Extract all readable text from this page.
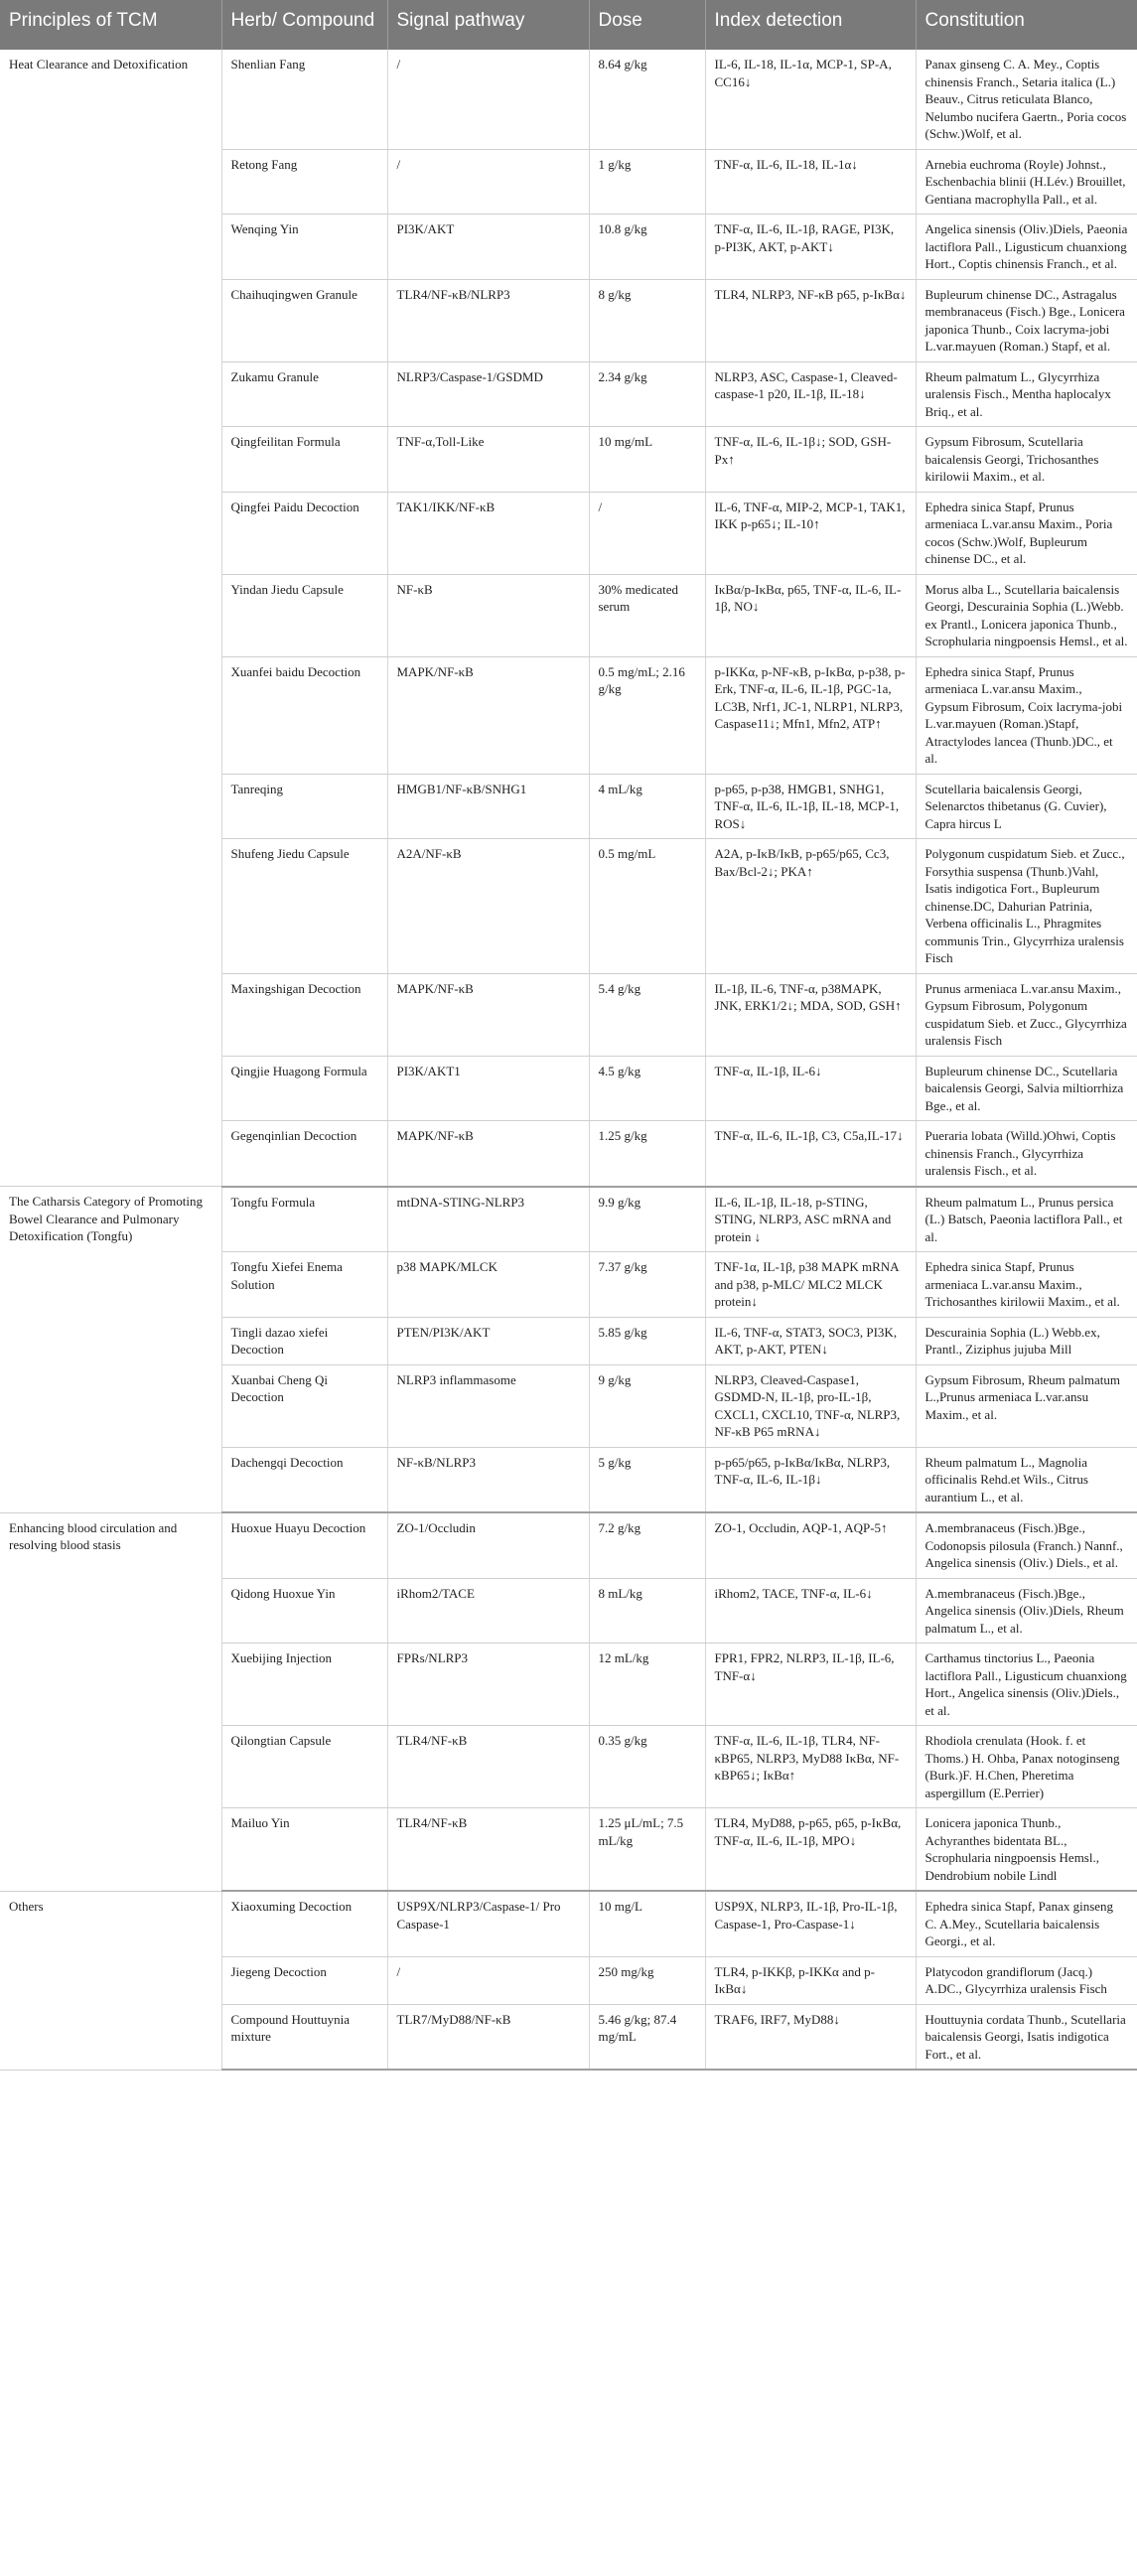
Principles of TCM	Herb/ Compound	Signal pathway	Dose	Index detection	Constitution
Heat Clearance and Detoxification	Shenlian Fang	/	8.64 g/kg	IL-6, IL-18, IL-1α, MCP-1, SP-A, CC16↓	Panax ginseng C. A. Mey., Coptis chinensis Franch., Setaria italica (L.) Beauv., Citrus reticulata Blanco, Nelumbo nucifera Gaertn., Poria cocos (Schw.)Wolf, et al.
	Retong Fang	/	1 g/kg	TNF-α, IL-6, IL-18, IL-1α↓	Arnebia euchroma (Royle) Johnst., Eschenbachia blinii (H.Lév.) Brouillet, Gentiana macrophylla Pall., et al.
	Wenqing Yin	PI3K/AKT	10.8 g/kg	TNF-α, IL-6, IL-1β, RAGE, PI3K, p-PI3K, AKT, p-AKT↓	Angelica sinensis (Oliv.)Diels, Paeonia lactiflora Pall., Ligusticum chuanxiong Hort., Coptis chinensis Franch., et al.
	Chaihuqingwen Granule	TLR4/NF-κB/NLRP3	8 g/kg	TLR4, NLRP3, NF-κB p65, p-IκBα↓	Bupleurum chinense DC., Astragalus membranaceus (Fisch.) Bge., Lonicera japonica Thunb., Coix lacryma-jobi L.var.mayuen (Roman.) Stapf, et al.
	Zukamu Granule	NLRP3/Caspase-1/GSDMD	2.34 g/kg	NLRP3, ASC, Caspase-1, Cleaved-caspase-1 p20, IL-1β, IL-18↓	Rheum palmatum L., Glycyrrhiza uralensis Fisch., Mentha haplocalyx Briq., et al.
	Qingfeilitan Formula	TNF-α,Toll-Like	10 mg/mL	TNF-α, IL-6, IL-1β↓; SOD, GSH-Px↑	Gypsum Fibrosum, Scutellaria baicalensis Georgi, Trichosanthes kirilowii Maxim., et al.
	Qingfei Paidu Decoction	TAK1/IKK/NF-κB	/	IL-6, TNF-α, MIP-2, MCP-1, TAK1, IKK p-p65↓; IL-10↑	Ephedra sinica Stapf, Prunus armeniaca L.var.ansu Maxim., Poria cocos (Schw.)Wolf, Bupleurum chinense DC., et al.
	Yindan Jiedu Capsule	NF-κB	30% medicated serum	IκBα/p-IκBα, p65, TNF-α, IL-6, IL-1β, NO↓	Morus alba L., Scutellaria baicalensis Georgi, Descurainia Sophia (L.)Webb. ex Prantl., Lonicera japonica Thunb., Scrophularia ningpoensis Hemsl., et al.
	Xuanfei baidu Decoction	MAPK/NF-κB	0.5 mg/mL; 2.16 g/kg	p-IKKα, p-NF-κB, p-IκBα, p-p38, p-Erk, TNF-α, IL-6, IL-1β, PGC-1a, LC3B, Nrf1, JC-1, NLRP1, NLRP3, Caspase11↓; Mfn1, Mfn2, ATP↑	Ephedra sinica Stapf, Prunus armeniaca L.var.ansu Maxim., Gypsum Fibrosum, Coix lacryma-jobi L.var.mayuen (Roman.)Stapf, Atractylodes lancea (Thunb.)DC., et al.
	Tanreqing	HMGB1/NF-κB/SNHG1	4 mL/kg	p-p65, p-p38, HMGB1, SNHG1, TNF-α, IL-6, IL-1β, IL-18, MCP-1, ROS↓	Scutellaria baicalensis Georgi, Selenarctos thibetanus (G. Cuvier), Capra hircus L
	Shufeng Jiedu Capsule	A2A/NF-κB	0.5 mg/mL	A2A, p-IκB/IκB, p-p65/p65, Cc3, Bax/Bcl-2↓; PKA↑	Polygonum cuspidatum Sieb. et Zucc., Forsythia suspensa (Thunb.)Vahl, Isatis indigotica Fort., Bupleurum chinense.DC, Dahurian Patrinia, Verbena officinalis L., Phragmites communis Trin., Glycyrrhiza uralensis Fisch
	Maxingshigan Decoction	MAPK/NF-κB	5.4 g/kg	IL-1β, IL-6, TNF-α, p38MAPK, JNK, ERK1/2↓; MDA, SOD, GSH↑	Prunus armeniaca L.var.ansu Maxim., Gypsum Fibrosum, Polygonum cuspidatum Sieb. et Zucc., Glycyrrhiza uralensis Fisch
	Qingjie Huagong Formula	PI3K/AKT1	4.5 g/kg	TNF-α, IL-1β, IL-6↓	Bupleurum chinense DC., Scutellaria baicalensis Georgi, Salvia miltiorrhiza Bge., et al.
	Gegenqinlian Decoction	MAPK/NF-κB	1.25 g/kg	TNF-α, IL-6, IL-1β, C3, C5a,IL-17↓	Pueraria lobata (Willd.)Ohwi, Coptis chinensis Franch., Glycyrrhiza uralensis Fisch., et al.
The Catharsis Category of Promoting Bowel Clearance and Pulmonary Detoxification (Tongfu)	Tongfu Formula	mtDNA-STING-NLRP3	9.9 g/kg	IL-6, IL-1β, IL-18, p-STING, STING, NLRP3, ASC mRNA and protein ↓	Rheum palmatum L., Prunus persica (L.) Batsch, Paeonia lactiflora Pall., et al.
	Tongfu Xiefei Enema Solution	p38 MAPK/MLCK	7.37 g/kg	TNF-1α, IL-1β, p38 MAPK mRNA and p38, p-MLC/ MLC2 MLCK protein↓	Ephedra sinica Stapf, Prunus armeniaca L.var.ansu Maxim., Trichosanthes kirilowii Maxim., et al.
	Tingli dazao xiefei Decoction	PTEN/PI3K/AKT	5.85 g/kg	IL-6, TNF-α, STAT3, SOC3, PI3K, AKT, p-AKT, PTEN↓	Descurainia Sophia (L.) Webb.ex, Prantl., Ziziphus jujuba Mill
	Xuanbai Cheng Qi Decoction	NLRP3 inflammasome	9 g/kg	NLRP3, Cleaved-Caspase1, GSDMD-N, IL-1β, pro-IL-1β, CXCL1, CXCL10, TNF-α, NLRP3, NF-κB P65 mRNA↓	Gypsum Fibrosum, Rheum palmatum L.,Prunus armeniaca L.var.ansu Maxim., et al.
	Dachengqi Decoction	NF-κB/NLRP3	5 g/kg	p-p65/p65, p-IκBα/IκBα, NLRP3, TNF-α, IL-6, IL-1β↓	Rheum palmatum L., Magnolia officinalis Rehd.et Wils., Citrus aurantium L., et al.
Enhancing blood circulation and resolving blood stasis	Huoxue Huayu Decoction	ZO-1/Occludin	7.2 g/kg	ZO-1, Occludin, AQP-1, AQP-5↑	A.membranaceus (Fisch.)Bge., Codonopsis pilosula (Franch.) Nannf., Angelica sinensis (Oliv.) Diels., et al.
	Qidong Huoxue Yin	iRhom2/TACE	8 mL/kg	iRhom2, TACE, TNF-α, IL-6↓	A.membranaceus (Fisch.)Bge., Angelica sinensis (Oliv.)Diels, Rheum palmatum L., et al.
	Xuebijing Injection	FPRs/NLRP3	12 mL/kg	FPR1, FPR2, NLRP3, IL-1β, IL-6, TNF-α↓	Carthamus tinctorius L., Paeonia lactiflora Pall., Ligusticum chuanxiong Hort., Angelica sinensis (Oliv.)Diels., et al.
	Qilongtian Capsule	TLR4/NF-κB	0.35 g/kg	TNF-α, IL-6, IL-1β, TLR4, NF-κBP65, NLRP3, MyD88 IκBα, NF-κBP65↓; IκBα↑	Rhodiola crenulata (Hook. f. et Thoms.) H. Ohba, Panax notoginseng (Burk.)F. H.Chen, Pheretima aspergillum (E.Perrier)
	Mailuo Yin	TLR4/NF-κB	1.25 μL/mL; 7.5 mL/kg	TLR4, MyD88, p-p65, p65, p-IκBα, TNF-α, IL-6, IL-1β, MPO↓	Lonicera japonica Thunb., Achyranthes bidentata BL., Scrophularia ningpoensis Hemsl., Dendrobium nobile Lindl
Others	Xiaoxuming Decoction	USP9X/NLRP3/Caspase-1/ Pro Caspase-1	10 mg/L	USP9X, NLRP3, IL-1β, Pro-IL-1β, Caspase-1, Pro-Caspase-1↓	Ephedra sinica Stapf, Panax ginseng C. A.Mey., Scutellaria baicalensis Georgi., et al.
	Jiegeng Decoction	/	250 mg/kg	TLR4, p-IKKβ, p-IKKα and p-IκBα↓	Platycodon grandiflorum (Jacq.) A.DC., Glycyrrhiza uralensis Fisch
	Compound Houttuynia mixture	TLR7/MyD88/NF-κB	5.46 g/kg; 87.4 mg/mL	TRAF6, IRF7, MyD88↓	Houttuynia cordata Thunb., Scutellaria baicalensis Georgi, Isatis indigotica Fort., et al.
